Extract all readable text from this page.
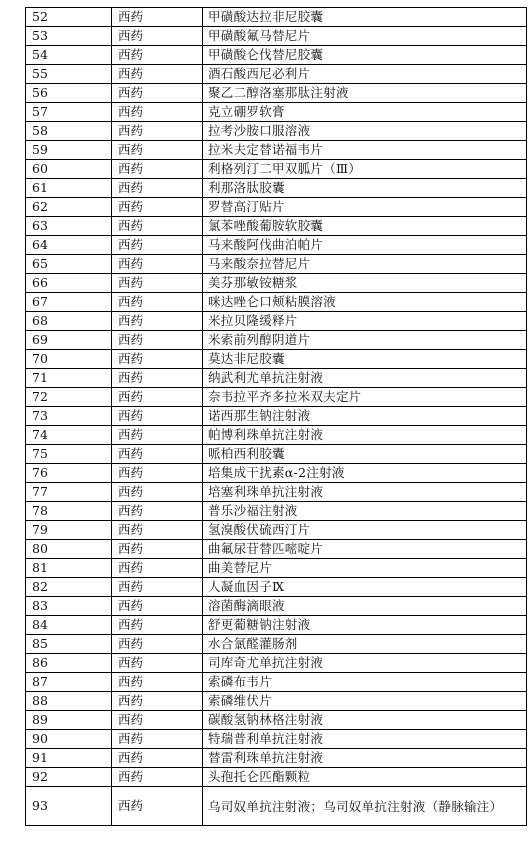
52	西药	甲磺酸达拉非尼胶囊
53	西药	甲磺酸氟马替尼片
54	西药	甲磺酸仑伐替尼胶囊
55	西药	酒石酸西尼必利片
56	西药	聚乙二醇洛塞那肽注射液
57	西药	克立硼罗软膏
58	西药	拉考沙胺口服溶液
59	西药	拉米夫定替诺福韦片
60	西药	利格列汀二甲双胍片（Ⅲ）
61	西药	利那洛肽胶囊
62	西药	罗替高汀贴片
63	西药	氯苯唑酸葡胺软胶囊
64	西药	马来酸阿伐曲泊帕片
65	西药	马来酸奈拉替尼片
66	西药	美芬那敏铵糖浆
67	西药	咪达唑仑口颊粘膜溶液
68	西药	米拉贝隆缓释片
69	西药	米索前列醇阴道片
70	西药	莫达非尼胶囊
71	西药	纳武利尤单抗注射液
72	西药	奈韦拉平齐多拉米双夫定片
73	西药	诺西那生钠注射液
74	西药	帕博利珠单抗注射液
75	西药	哌柏西利胶囊
76	西药	培集成干扰素α-2注射液
77	西药	培塞利珠单抗注射液
78	西药	普乐沙福注射液
79	西药	氢溴酸伏硫西汀片
80	西药	曲氟尿苷替匹嘧啶片
81	西药	曲美替尼片
82	西药	人凝血因子Ⅸ
83	西药	溶菌酶滴眼液
84	西药	舒更葡糖钠注射液
85	西药	水合氯醛灌肠剂
86	西药	司库奇尤单抗注射液
87	西药	索磷布韦片
88	西药	索磷维伏片
89	西药	碳酸氢钠林格注射液
90	西药	特瑞普利单抗注射液
91	西药	替雷利珠单抗注射液
92	西药	头孢托仑匹酯颗粒
93	西药	乌司奴单抗注射液；乌司奴单抗注射液（静脉输注）
